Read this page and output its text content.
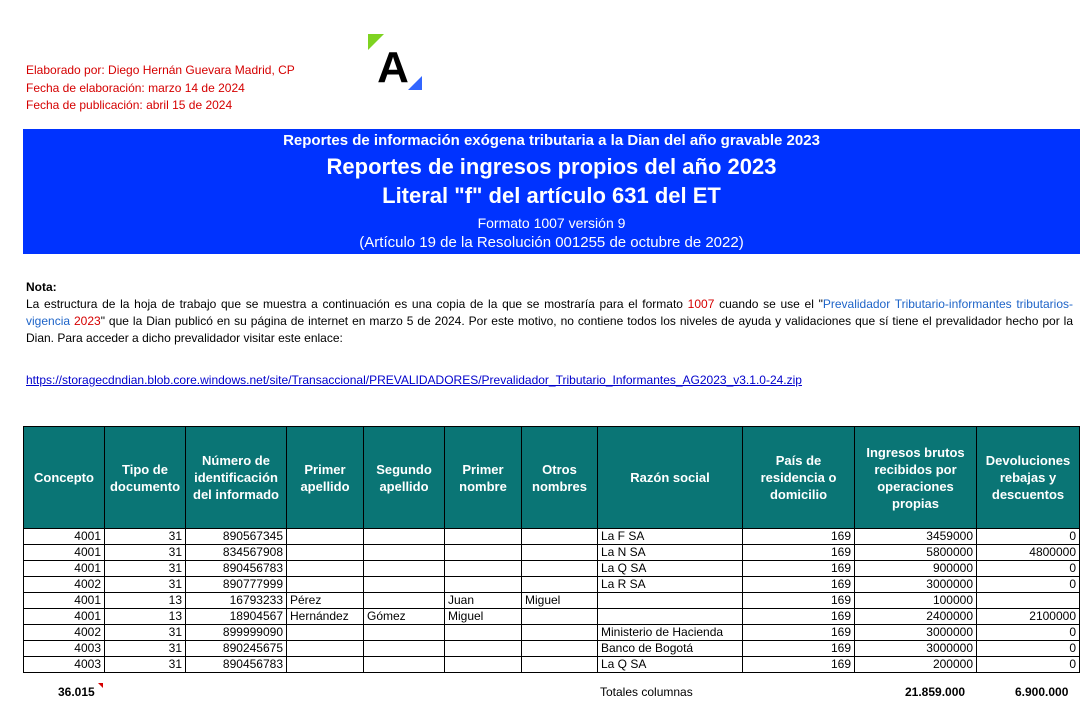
Elaborado por: Diego Hernán Guevara Madrid, CP
Fecha de elaboración: marzo 14 de 2024
Fecha de publicación: abril 15 de 2024
A
Reportes de información exógena tributaria a la Dian del año gravable 2023
Reportes de ingresos propios del año 2023
Literal "f" del artículo 631 del ET
Formato 1007 versión 9
(Artículo 19 de la Resolución 001255 de octubre de 2022)
Nota:
La estructura de la hoja de trabajo que se muestra a continuación es una copia de la que se mostraría para el formato 1007 cuando se use el "Prevalidador Tributario-informantes tributarios-vigencia 2023" que la Dian publicó en su página de internet en marzo 5 de 2024. Por este motivo, no contiene todos los niveles de ayuda y validaciones que sí tiene el prevalidador hecho por la Dian. Para acceder a dicho prevalidador visitar este enlace:
https://storagecdndian.blob.core.windows.net/site/Transaccional/PREVALIDADORES/Prevalidador_Tributario_Informantes_AG2023_v3.1.0-24.zip
Concepto	Tipo de documento	Número de identificación del informado	Primer apellido	Segundo apellido	Primer nombre	Otros nombres	Razón social	País de residencia o domicilio	Ingresos brutos recibidos por operaciones propias	Devoluciones rebajas y descuentos
4001	31	890567345					La F SA	169	3459000	0
4001	31	834567908					La N SA	169	5800000	4800000
4001	31	890456783					La Q SA	169	900000	0
4002	31	890777999					La R SA	169	3000000	0
4001	13	16793233	Pérez		Juan	Miguel		169	100000	
4001	13	18904567	Hernández	Gómez	Miguel			169	2400000	2100000
4002	31	899999090					Ministerio de Hacienda	169	3000000	0
4003	31	890245675					Banco de Bogotá	169	3000000	0
4003	31	890456783					La Q SA	169	200000	0
36.015	Totales columnas	21.859.000	6.900.000
